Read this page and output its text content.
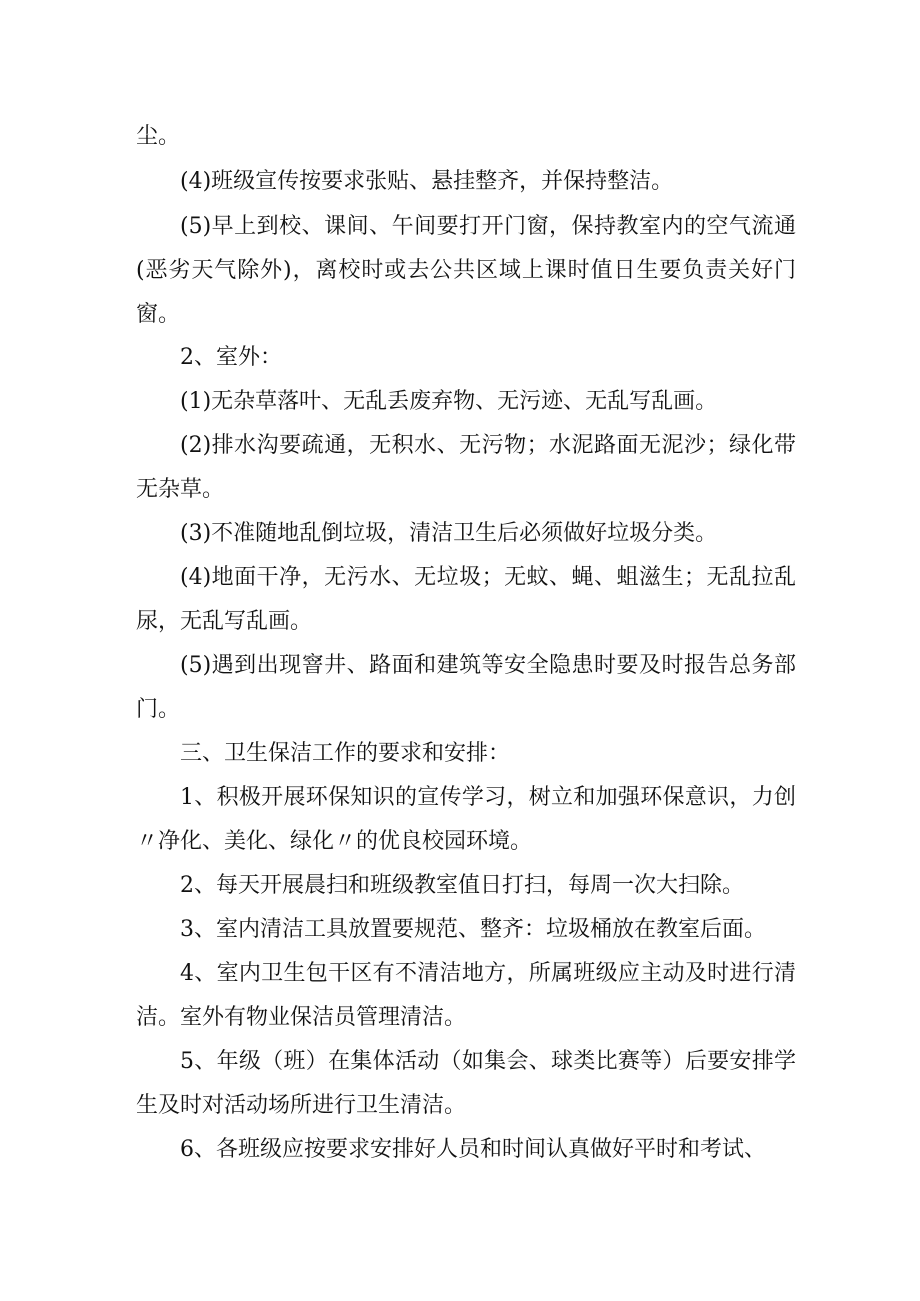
尘。

(4)班级宣传按要求张贴、悬挂整齐，并保持整洁。

(5)早上到校、课间、午间要打开门窗，保持教室内的空气流通(恶劣天气除外)，离校时或去公共区域上课时值日生要负责关好门窗。

2、室外：

(1)无杂草落叶、无乱丢废弃物、无污迹、无乱写乱画。

(2)排水沟要疏通，无积水、无污物；水泥路面无泥沙；绿化带无杂草。

(3)不准随地乱倒垃圾，清洁卫生后必须做好垃圾分类。

(4)地面干净，无污水、无垃圾；无蚊、蝇、蛆滋生；无乱拉乱尿，无乱写乱画。

(5)遇到出现窨井、路面和建筑等安全隐患时要及时报告总务部门。

三、卫生保洁工作的要求和安排：

1、积极开展环保知识的宣传学习，树立和加强环保意识，力创〃净化、美化、绿化〃的优良校园环境。

2、每天开展晨扫和班级教室值日打扫，每周一次大扫除。

3、室内清洁工具放置要规范、整齐：垃圾桶放在教室后面。

4、室内卫生包干区有不清洁地方，所属班级应主动及时进行清洁。室外有物业保洁员管理清洁。

5、年级（班）在集体活动（如集会、球类比赛等）后要安排学生及时对活动场所进行卫生清洁。

6、各班级应按要求安排好人员和时间认真做好平时和考试、
